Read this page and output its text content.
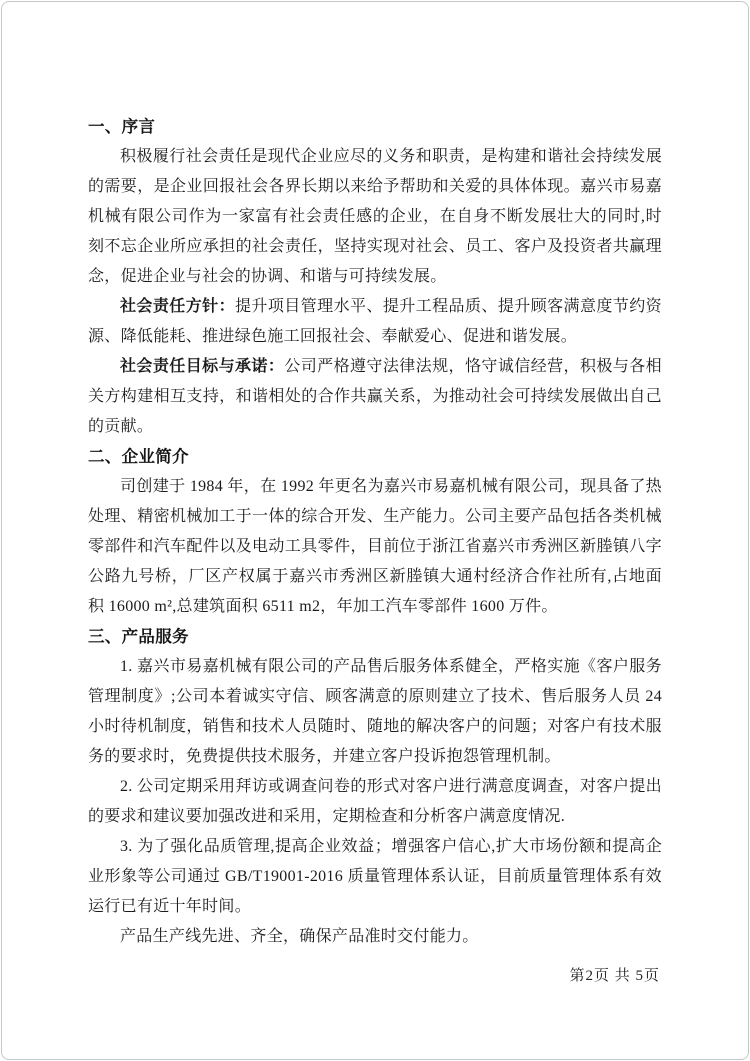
一、序言

积极履行社会责任是现代企业应尽的义务和职责，是构建和谐社会持续发展的需要，是企业回报社会各界长期以来给予帮助和关爱的具体体现。嘉兴市易嘉机械有限公司作为一家富有社会责任感的企业，在自身不断发展壮大的同时,时刻不忘企业所应承担的社会责任，坚持实现对社会、员工、客户及投资者共赢理念，促进企业与社会的协调、和谐与可持续发展。

社会责任方针：提升项目管理水平、提升工程品质、提升顾客满意度节约资源、降低能耗、推进绿色施工回报社会、奉献爱心、促进和谐发展。

社会责任目标与承诺：公司严格遵守法律法规，恪守诚信经营，积极与各相关方构建相互支持，和谐相处的合作共赢关系，为推动社会可持续发展做出自己的贡献。

二、企业简介

司创建于 1984 年，在 1992 年更名为嘉兴市易嘉机械有限公司，现具备了热处理、精密机械加工于一体的综合开发、生产能力。公司主要产品包括各类机械零部件和汽车配件以及电动工具零件，目前位于浙江省嘉兴市秀洲区新塍镇八字公路九号桥，厂区产权属于嘉兴市秀洲区新塍镇大通村经济合作社所有,占地面积 16000 m²,总建筑面积 6511 m2，年加工汽车零部件 1600 万件。

三、产品服务

1. 嘉兴市易嘉机械有限公司的产品售后服务体系健全，严格实施《客户服务管理制度》;公司本着诚实守信、顾客满意的原则建立了技术、售后服务人员 24 小时待机制度，销售和技术人员随时、随地的解决客户的问题；对客户有技术服务的要求时，免费提供技术服务，并建立客户投诉抱怨管理机制。

2. 公司定期采用拜访或调查问卷的形式对客户进行满意度调查，对客户提出的要求和建议要加强改进和采用，定期检查和分析客户满意度情况.

3. 为了强化品质管理,提高企业效益；增强客户信心,扩大市场份额和提高企业形象等公司通过 GB/T19001-2016 质量管理体系认证，目前质量管理体系有效运行已有近十年时间。

产品生产线先进、齐全，确保产品准时交付能力。

第2页 共 5页
